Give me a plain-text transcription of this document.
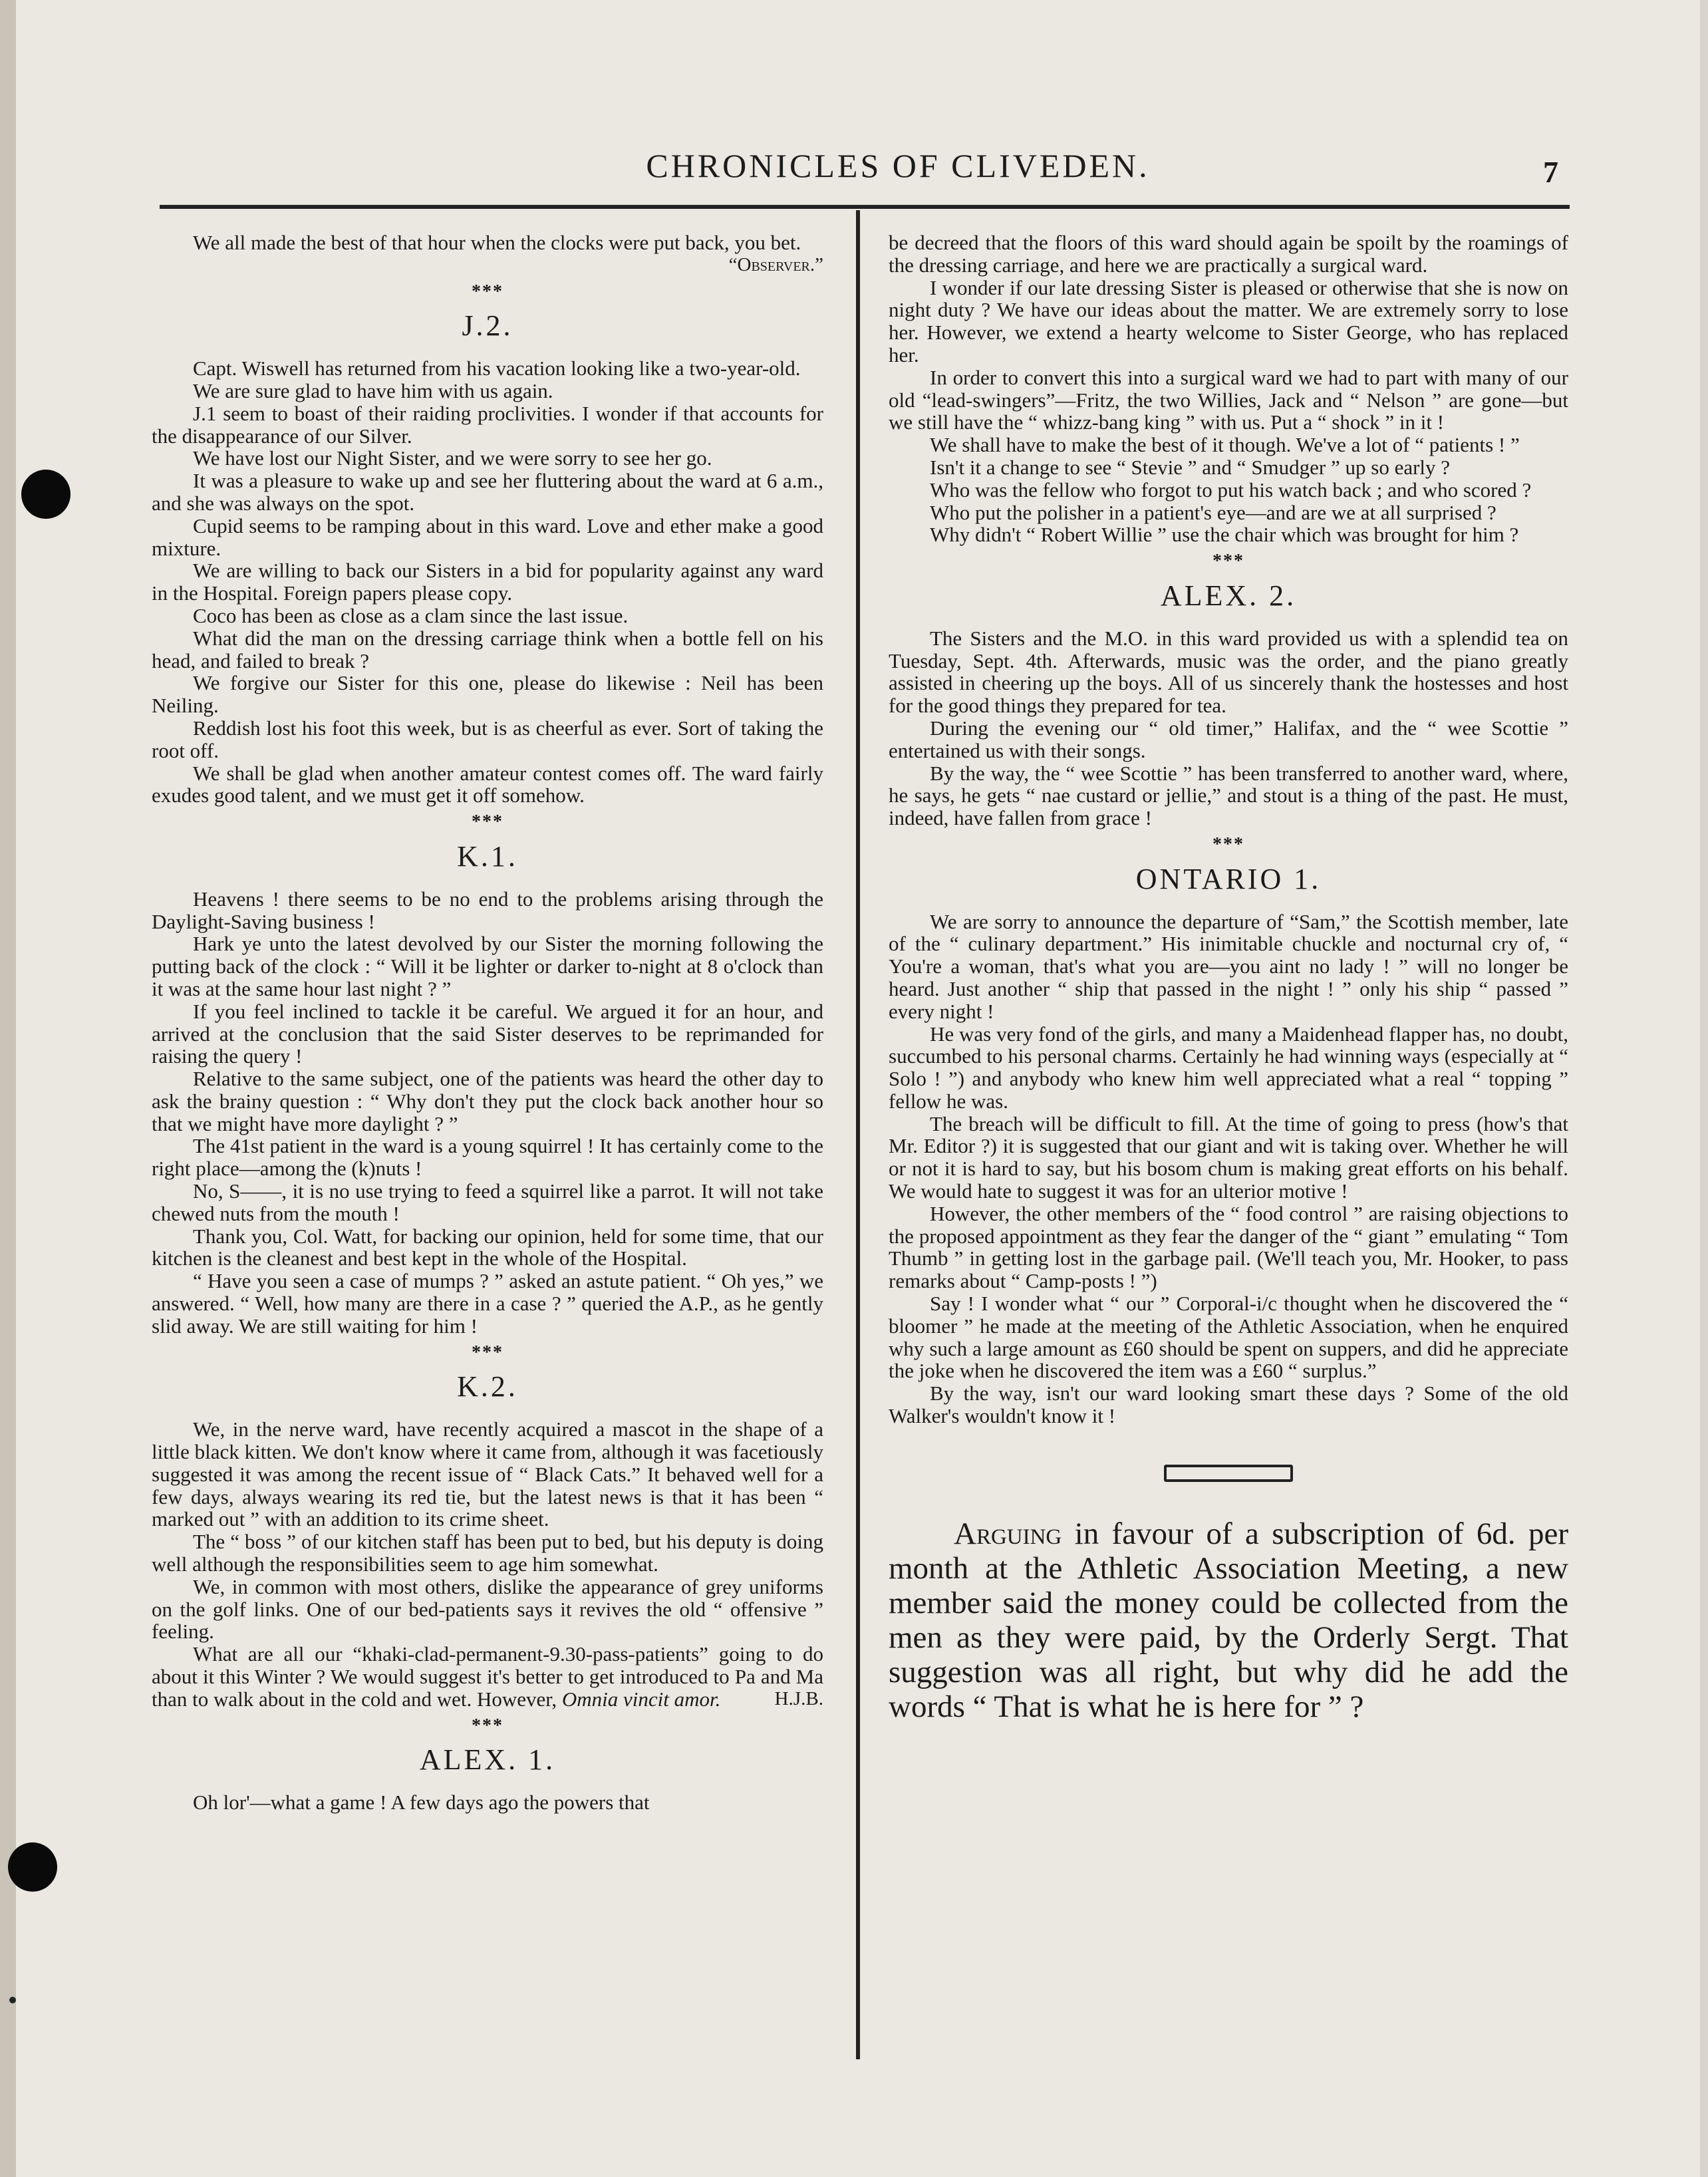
CHRONICLES OF CLIVEDEN.	7

We all made the best of that hour when the clocks were put back, you bet.
“Observer.”

***
J.2.

Capt. Wiswell has returned from his vacation looking like a two-year-old.

We are sure glad to have him with us again.

J.1 seem to boast of their raiding proclivities. I wonder if that accounts for the disappearance of our Silver.

We have lost our Night Sister, and we were sorry to see her go.

It was a pleasure to wake up and see her fluttering about the ward at 6 a.m., and she was always on the spot.

Cupid seems to be ramping about in this ward. Love and ether make a good mixture.

We are willing to back our Sisters in a bid for popularity against any ward in the Hospital. Foreign papers please copy.

Coco has been as close as a clam since the last issue.

What did the man on the dressing carriage think when a bottle fell on his head, and failed to break ?

We forgive our Sister for this one, please do likewise : Neil has been Neiling.

Reddish lost his foot this week, but is as cheerful as ever. Sort of taking the root off.

We shall be glad when another amateur contest comes off. The ward fairly exudes good talent, and we must get it off somehow.

***
K.1.

Heavens ! there seems to be no end to the problems arising through the Daylight-Saving business !

Hark ye unto the latest devolved by our Sister the morning following the putting back of the clock : “ Will it be lighter or darker to-night at 8 o'clock than it was at the same hour last night ? ”

If you feel inclined to tackle it be careful. We argued it for an hour, and arrived at the conclusion that the said Sister deserves to be reprimanded for raising the query !

Relative to the same subject, one of the patients was heard the other day to ask the brainy question : “ Why don't they put the clock back another hour so that we might have more daylight ? ”

The 41st patient in the ward is a young squirrel ! It has certainly come to the right place—among the (k)nuts !

No, S——, it is no use trying to feed a squirrel like a parrot. It will not take chewed nuts from the mouth !

Thank you, Col. Watt, for backing our opinion, held for some time, that our kitchen is the cleanest and best kept in the whole of the Hospital.

“ Have you seen a case of mumps ? ” asked an astute patient. “ Oh yes,” we answered. “ Well, how many are there in a case ? ” queried the A.P., as he gently slid away. We are still waiting for him !

***
K.2.

We, in the nerve ward, have recently acquired a mascot in the shape of a little black kitten. We don't know where it came from, although it was facetiously suggested it was among the recent issue of “ Black Cats.” It behaved well for a few days, always wearing its red tie, but the latest news is that it has been “ marked out ” with an addition to its crime sheet.

The “ boss ” of our kitchen staff has been put to bed, but his deputy is doing well although the responsibilities seem to age him somewhat.

We, in common with most others, dislike the appearance of grey uniforms on the golf links. One of our bed-patients says it revives the old “ offensive ” feeling.

What are all our “khaki-clad-permanent-9.30-pass-patients” going to do about it this Winter ? We would suggest it's better to get introduced to Pa and Ma than to walk about in the cold and wet. However, Omnia vincit amor.	H.J.B.

***
ALEX. 1.

Oh lor'—what a game ! A few days ago the powers that

be decreed that the floors of this ward should again be spoilt by the roamings of the dressing carriage, and here we are practically a surgical ward.

I wonder if our late dressing Sister is pleased or otherwise that she is now on night duty ? We have our ideas about the matter. We are extremely sorry to lose her. However, we extend a hearty welcome to Sister George, who has replaced her.

In order to convert this into a surgical ward we had to part with many of our old “lead-swingers”—Fritz, the two Willies, Jack and “ Nelson ” are gone—but we still have the “ whizz-bang king ” with us. Put a “ shock ” in it !

We shall have to make the best of it though. We've a lot of “ patients ! ”

Isn't it a change to see “ Stevie ” and “ Smudger ” up so early ?

Who was the fellow who forgot to put his watch back ; and who scored ?

Who put the polisher in a patient's eye—and are we at all surprised ?

Why didn't “ Robert Willie ” use the chair which was brought for him ?

***
ALEX. 2.

The Sisters and the M.O. in this ward provided us with a splendid tea on Tuesday, Sept. 4th. Afterwards, music was the order, and the piano greatly assisted in cheering up the boys. All of us sincerely thank the hostesses and host for the good things they prepared for tea.

During the evening our “ old timer,” Halifax, and the “ wee Scottie ” entertained us with their songs.

By the way, the “ wee Scottie ” has been transferred to another ward, where, he says, he gets “ nae custard or jellie,” and stout is a thing of the past. He must, indeed, have fallen from grace !

***
ONTARIO 1.

We are sorry to announce the departure of “Sam,” the Scottish member, late of the “ culinary department.” His inimitable chuckle and nocturnal cry of, “ You're a woman, that's what you are—you aint no lady ! ” will no longer be heard. Just another “ ship that passed in the night ! ” only his ship “ passed ” every night !

He was very fond of the girls, and many a Maidenhead flapper has, no doubt, succumbed to his personal charms. Certainly he had winning ways (especially at “ Solo ! ”) and anybody who knew him well appreciated what a real “ topping ” fellow he was.

The breach will be difficult to fill. At the time of going to press (how's that Mr. Editor ?) it is suggested that our giant and wit is taking over. Whether he will or not it is hard to say, but his bosom chum is making great efforts on his behalf. We would hate to suggest it was for an ulterior motive !

However, the other members of the “ food control ” are raising objections to the proposed appointment as they fear the danger of the “ giant ” emulating “ Tom Thumb ” in getting lost in the garbage pail. (We'll teach you, Mr. Hooker, to pass remarks about “ Camp-posts ! ”)

Say ! I wonder what “ our ” Corporal-i/c thought when he discovered the “ bloomer ” he made at the meeting of the Athletic Association, when he enquired why such a large amount as £60 should be spent on suppers, and did he appreciate the joke when he discovered the item was a £60 “ surplus.”

By the way, isn't our ward looking smart these days ? Some of the old Walker's wouldn't know it !

Arguing in favour of a subscription of 6d. per month at the Athletic Association Meeting, a new member said the money could be collected from the men as they were paid, by the Orderly Sergt. That suggestion was all right, but why did he add the words “ That is what he is here for ” ?
